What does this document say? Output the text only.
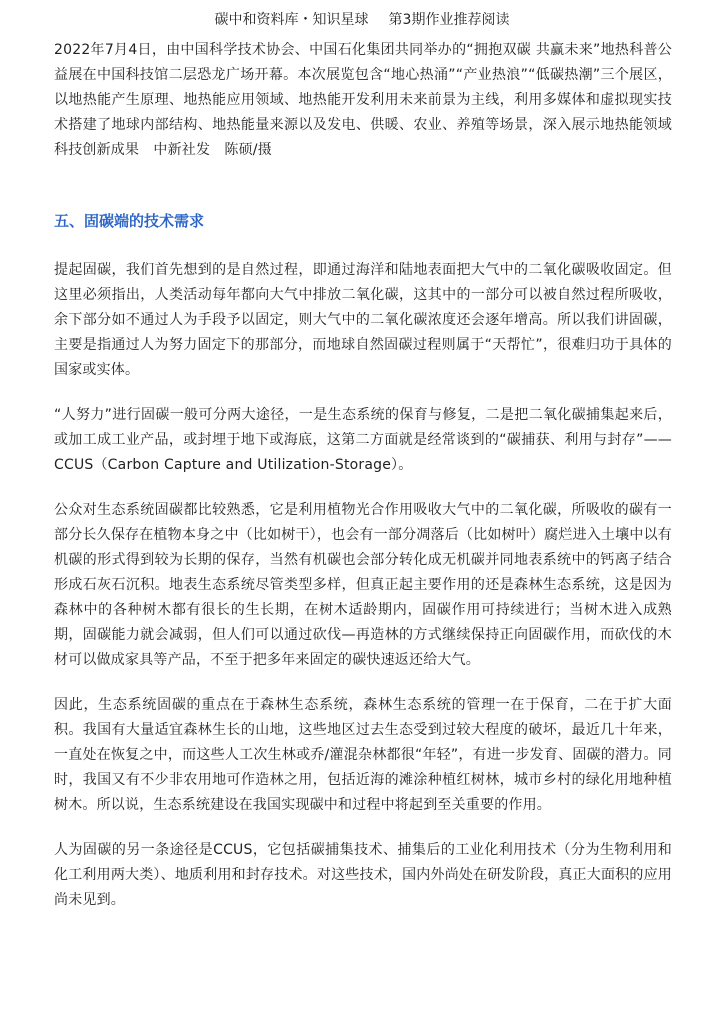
碳中和资料库・知识星球 第3期作业推荐阅读
2022年7月4日，由中国科学技术协会、中国石化集团共同举办的“拥抱双碳 共赢未来”地热科普公益展在中国科技馆二层恐龙广场开幕。本次展览包含“地心热涌”“产业热浪”“低碳热潮”三个展区，以地热能产生原理、地热能应用领域、地热能开发利用未来前景为主线，利用多媒体和虚拟现实技术搭建了地球内部结构、地热能量来源以及发电、供暖、农业、养殖等场景，深入展示地热能领域科技创新成果　中新社发　陈硕/摄
五、固碳端的技术需求

提起固碳，我们首先想到的是自然过程，即通过海洋和陆地表面把大气中的二氧化碳吸收固定。但这里必须指出，人类活动每年都向大气中排放二氧化碳，这其中的一部分可以被自然过程所吸收，余下部分如不通过人为手段予以固定，则大气中的二氧化碳浓度还会逐年增高。所以我们讲固碳，主要是指通过人为努力固定下的那部分，而地球自然固碳过程则属于“天帮忙”，很难归功于具体的国家或实体。

“人努力”进行固碳一般可分两大途径，一是生态系统的保育与修复，二是把二氧化碳捕集起来后，或加工成工业产品，或封埋于地下或海底，这第二方面就是经常谈到的“碳捕获、利用与封存”——CCUS（Carbon Capture and Utilization-Storage）。

公众对生态系统固碳都比较熟悉，它是利用植物光合作用吸收大气中的二氧化碳，所吸收的碳有一部分长久保存在植物本身之中（比如树干），也会有一部分凋落后（比如树叶）腐烂进入土壤中以有机碳的形式得到较为长期的保存，当然有机碳也会部分转化成无机碳并同地表系统中的钙离子结合形成石灰石沉积。地表生态系统尽管类型多样，但真正起主要作用的还是森林生态系统，这是因为森林中的各种树木都有很长的生长期，在树木适龄期内，固碳作用可持续进行；当树木进入成熟期，固碳能力就会减弱，但人们可以通过砍伐—再造林的方式继续保持正向固碳作用，而砍伐的木材可以做成家具等产品，不至于把多年来固定的碳快速返还给大气。

因此，生态系统固碳的重点在于森林生态系统，森林生态系统的管理一在于保育，二在于扩大面积。我国有大量适宜森林生长的山地，这些地区过去生态受到过较大程度的破坏，最近几十年来，一直处在恢复之中，而这些人工次生林或乔/灌混杂林都很“年轻”，有进一步发育、固碳的潜力。同时，我国又有不少非农用地可作造林之用，包括近海的滩涂种植红树林，城市乡村的绿化用地种植树木。所以说，生态系统建设在我国实现碳中和过程中将起到至关重要的作用。

人为固碳的另一条途径是CCUS，它包括碳捕集技术、捕集后的工业化利用技术（分为生物利用和化工利用两大类）、地质利用和封存技术。对这些技术，国内外尚处在研发阶段，真正大面积的应用尚未见到。
